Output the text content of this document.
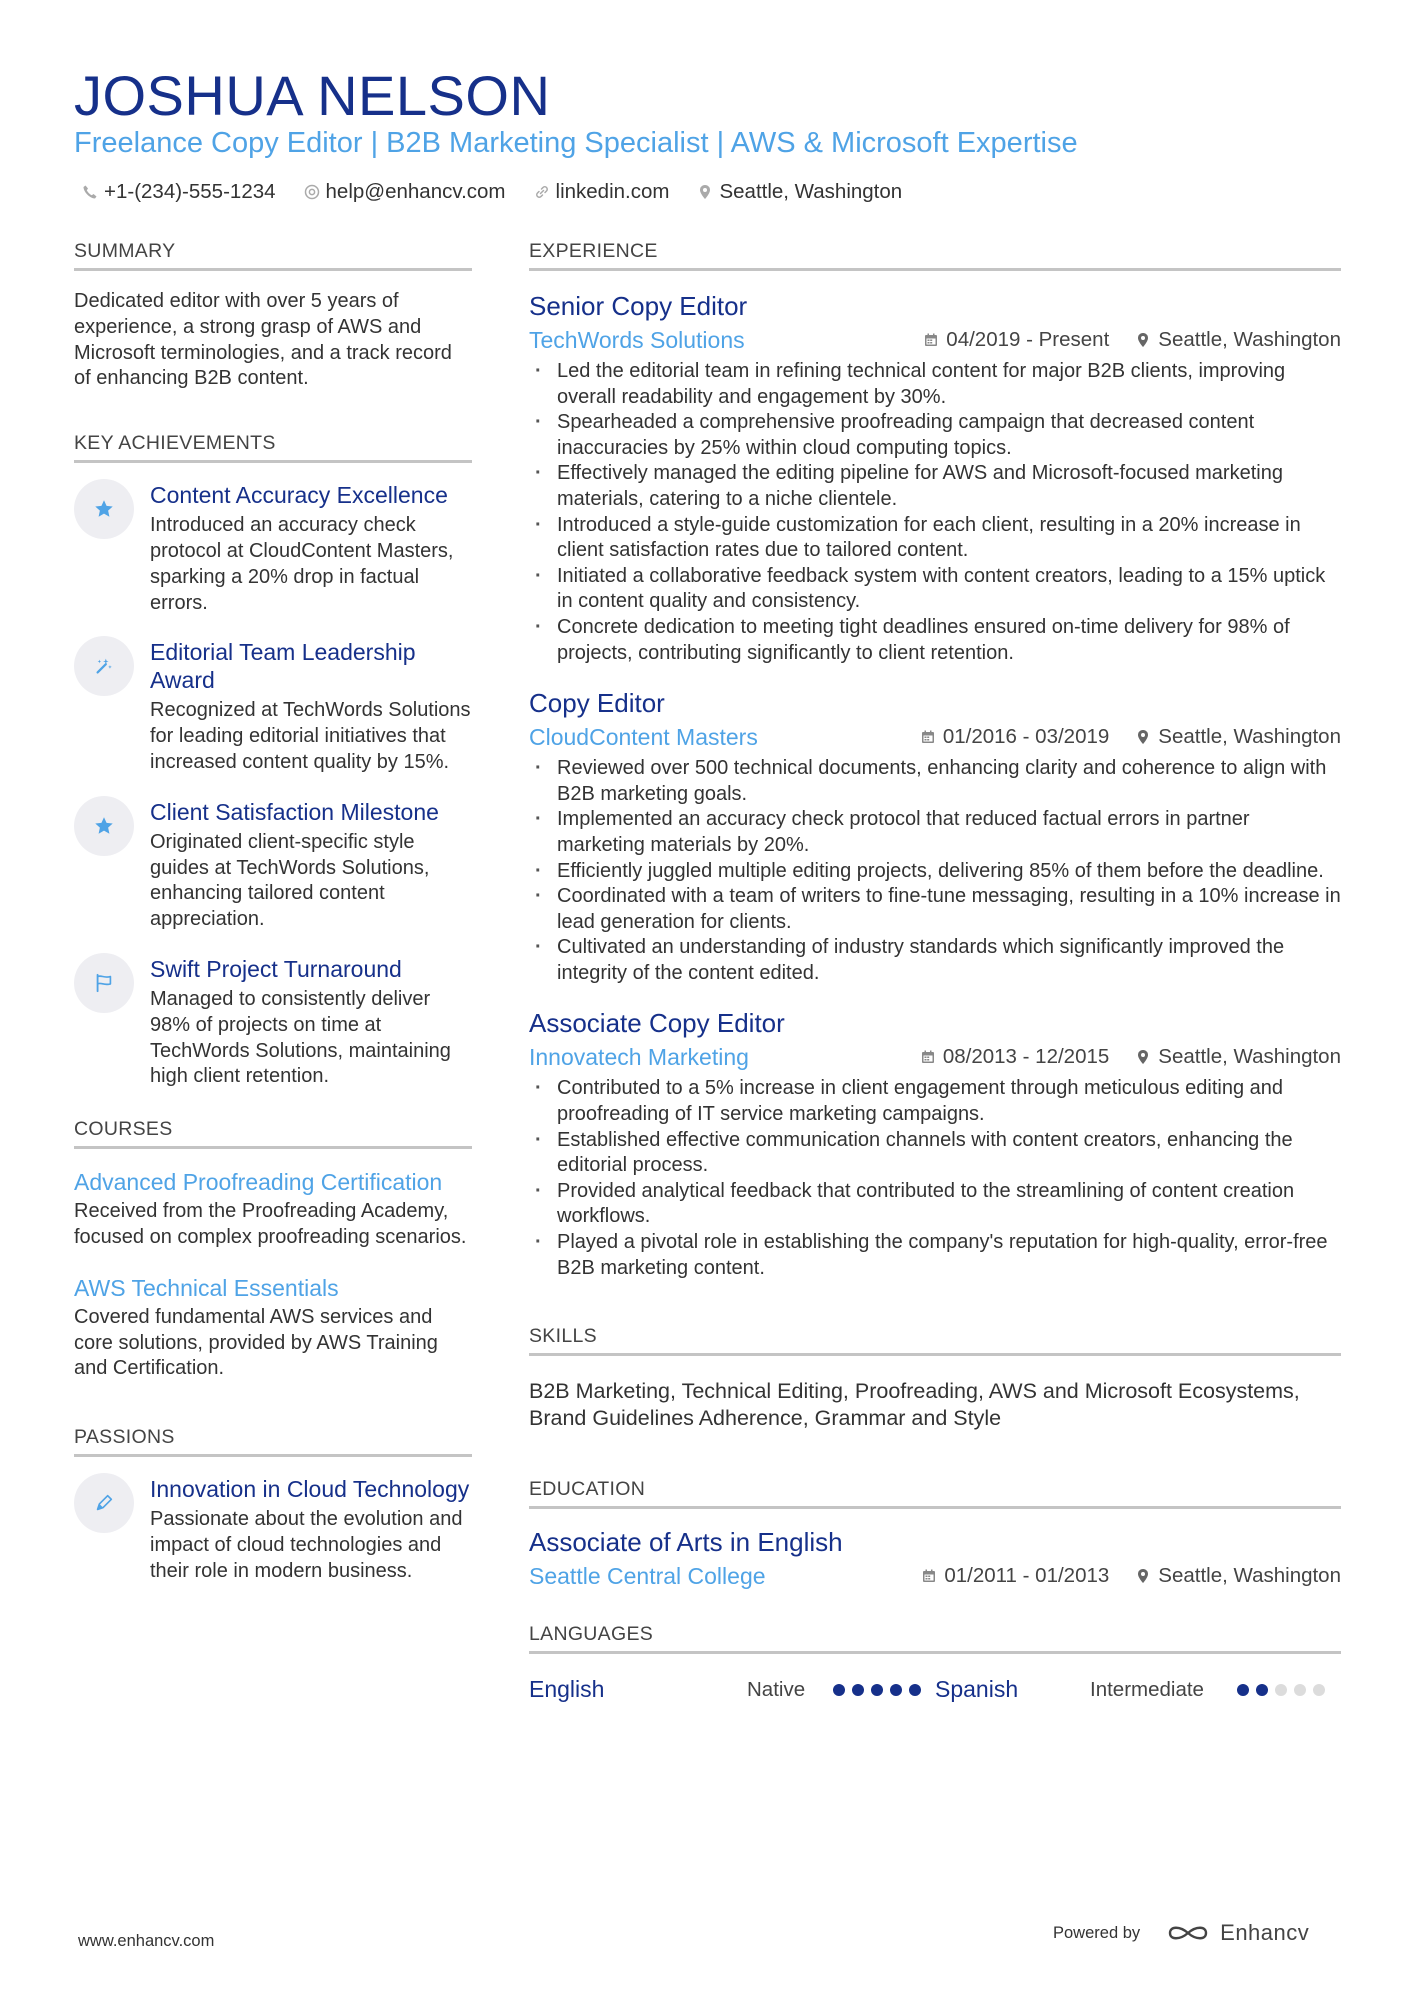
JOSHUA NELSON
Freelance Copy Editor | B2B Marketing Specialist | AWS & Microsoft Expertise
+1-(234)-555-1234 help@enhancv.com linkedin.com Seattle, Washington
SUMMARY
Dedicated editor with over 5 years of experience, a strong grasp of AWS and Microsoft terminologies, and a track record of enhancing B2B content.
KEY ACHIEVEMENTS
Content Accuracy Excellence
Introduced an accuracy check protocol at CloudContent Masters, sparking a 20% drop in factual errors.
Editorial Team Leadership Award
Recognized at TechWords Solutions for leading editorial initiatives that increased content quality by 15%.
Client Satisfaction Milestone
Originated client-specific style guides at TechWords Solutions, enhancing tailored content appreciation.
Swift Project Turnaround
Managed to consistently deliver 98% of projects on time at TechWords Solutions, maintaining high client retention.
COURSES
Advanced Proofreading Certification
Received from the Proofreading Academy, focused on complex proofreading scenarios.
AWS Technical Essentials
Covered fundamental AWS services and core solutions, provided by AWS Training and Certification.
PASSIONS
Innovation in Cloud Technology
Passionate about the evolution and impact of cloud technologies and their role in modern business.
EXPERIENCE
Senior Copy Editor
TechWords Solutions	04/2019 - Present Seattle, Washington
· Led the editorial team in refining technical content for major B2B clients, improving overall readability and engagement by 30%.
· Spearheaded a comprehensive proofreading campaign that decreased content inaccuracies by 25% within cloud computing topics.
· Effectively managed the editing pipeline for AWS and Microsoft-focused marketing materials, catering to a niche clientele.
· Introduced a style-guide customization for each client, resulting in a 20% increase in client satisfaction rates due to tailored content.
· Initiated a collaborative feedback system with content creators, leading to a 15% uptick in content quality and consistency.
· Concrete dedication to meeting tight deadlines ensured on-time delivery for 98% of projects, contributing significantly to client retention.
Copy Editor
CloudContent Masters	01/2016 - 03/2019 Seattle, Washington
· Reviewed over 500 technical documents, enhancing clarity and coherence to align with B2B marketing goals.
· Implemented an accuracy check protocol that reduced factual errors in partner marketing materials by 20%.
· Efficiently juggled multiple editing projects, delivering 85% of them before the deadline.
· Coordinated with a team of writers to fine-tune messaging, resulting in a 10% increase in lead generation for clients.
· Cultivated an understanding of industry standards which significantly improved the integrity of the content edited.
Associate Copy Editor
Innovatech Marketing	08/2013 - 12/2015 Seattle, Washington
· Contributed to a 5% increase in client engagement through meticulous editing and proofreading of IT service marketing campaigns.
· Established effective communication channels with content creators, enhancing the editorial process.
· Provided analytical feedback that contributed to the streamlining of content creation workflows.
· Played a pivotal role in establishing the company's reputation for high-quality, error-free B2B marketing content.
SKILLS
B2B Marketing, Technical Editing, Proofreading, AWS and Microsoft Ecosystems, Brand Guidelines Adherence, Grammar and Style
EDUCATION
Associate of Arts in English
Seattle Central College	01/2011 - 01/2013 Seattle, Washington
LANGUAGES
English	Native	Spanish	Intermediate
www.enhancv.com	Powered by	Enhancv
